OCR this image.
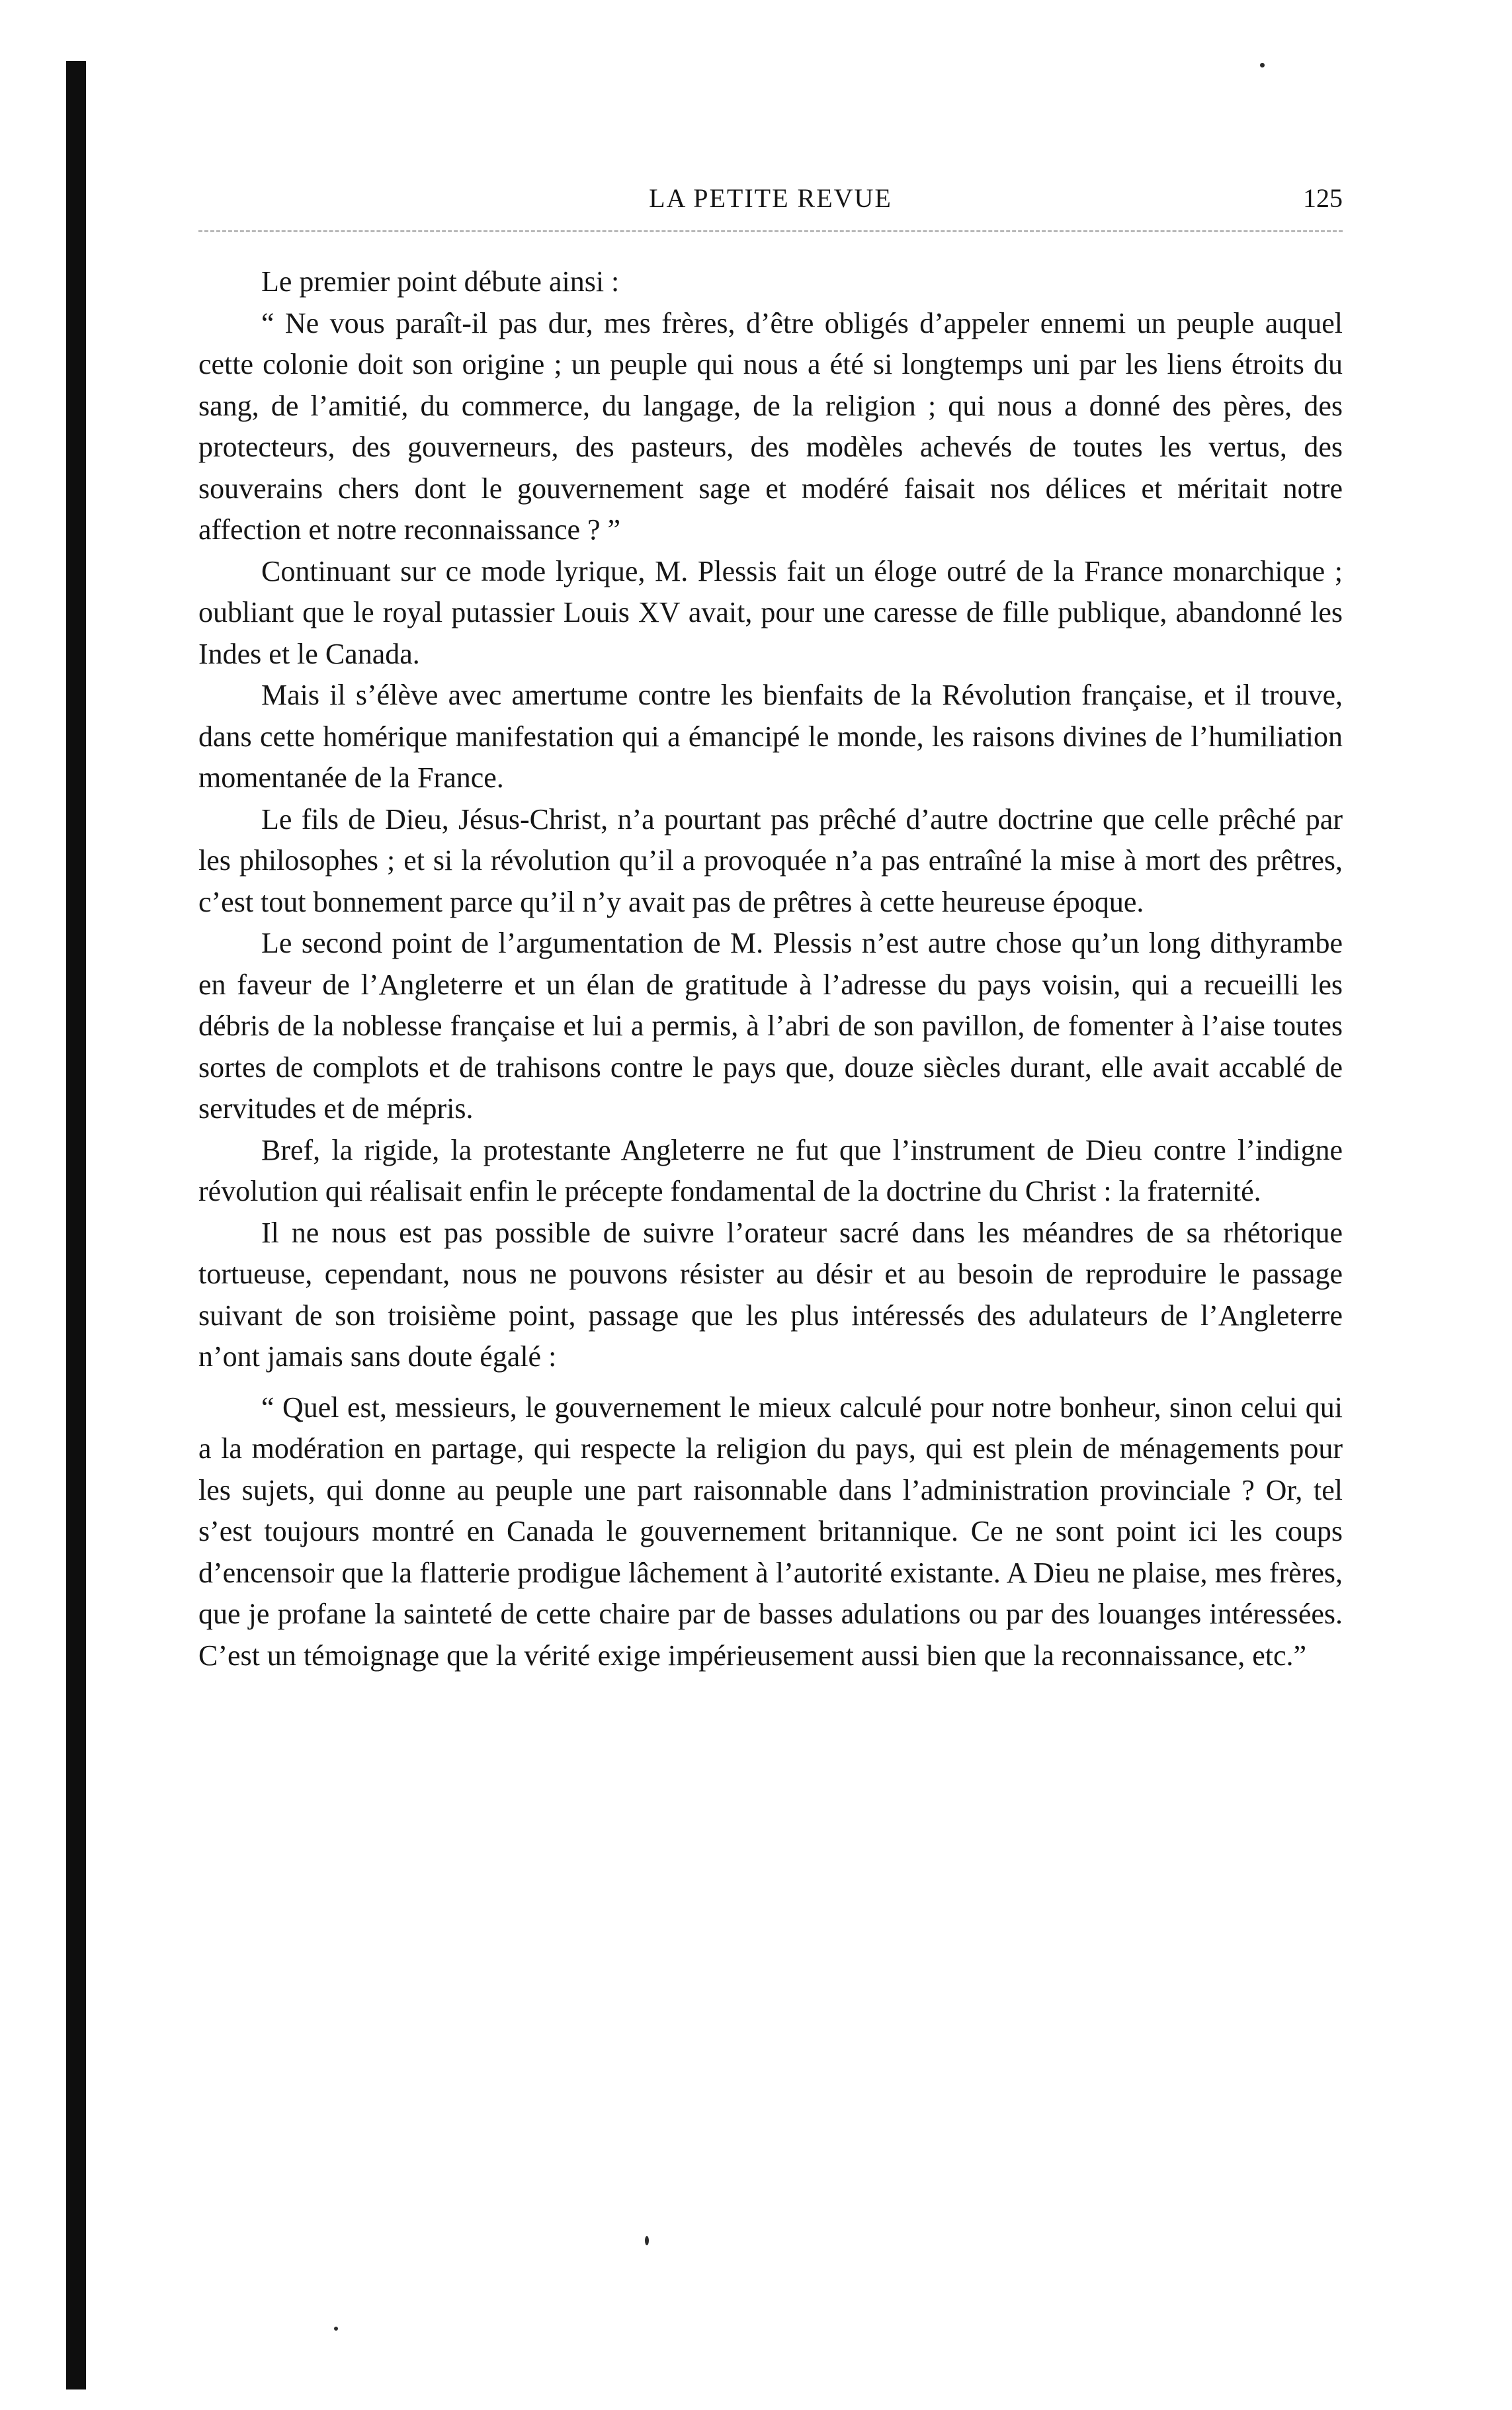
LA PETITE REVUE	125

Le premier point débute ainsi :

“ Ne vous paraît-il pas dur, mes frères, d’être obligés d’appeler ennemi un peuple auquel cette colonie doit son origine ; un peuple qui nous a été si longtemps uni par les liens étroits du sang, de l’amitié, du commerce, du langage, de la religion ; qui nous a donné des pères, des protecteurs, des gouverneurs, des pasteurs, des modèles achevés de toutes les vertus, des souverains chers dont le gouvernement sage et modéré faisait nos délices et méritait notre affection et notre reconnaissance ? ”

Continuant sur ce mode lyrique, M. Plessis fait un éloge outré de la France monarchique ; oubliant que le royal putassier Louis XV avait, pour une caresse de fille publique, abandonné les Indes et le Canada.

Mais il s’élève avec amertume contre les bienfaits de la Révolution française, et il trouve, dans cette homérique manifestation qui a émancipé le monde, les raisons divines de l’humiliation momentanée de la France.

Le fils de Dieu, Jésus-Christ, n’a pourtant pas prêché d’autre doctrine que celle prêché par les philosophes ; et si la révolution qu’il a provoquée n’a pas entraîné la mise à mort des prêtres, c’est tout bonnement parce qu’il n’y avait pas de prêtres à cette heureuse époque.

Le second point de l’argumentation de M. Plessis n’est autre chose qu’un long dithyrambe en faveur de l’Angleterre et un élan de gratitude à l’adresse du pays voisin, qui a recueilli les débris de la noblesse française et lui a permis, à l’abri de son pavillon, de fomenter à l’aise toutes sortes de complots et de trahisons contre le pays que, douze siècles durant, elle avait accablé de servitudes et de mépris.

Bref, la rigide, la protestante Angleterre ne fut que l’instrument de Dieu contre l’indigne révolution qui réalisait enfin le précepte fondamental de la doctrine du Christ : la fraternité.

Il ne nous est pas possible de suivre l’orateur sacré dans les méandres de sa rhétorique tortueuse, cependant, nous ne pouvons résister au désir et au besoin de reproduire le passage suivant de son troisième point, passage que les plus intéressés des adulateurs de l’Angleterre n’ont jamais sans doute égalé :

“ Quel est, messieurs, le gouvernement le mieux calculé pour notre bonheur, sinon celui qui a la modération en partage, qui respecte la religion du pays, qui est plein de ménagements pour les sujets, qui donne au peuple une part raisonnable dans l’administration provinciale ? Or, tel s’est toujours montré en Canada le gouvernement britannique. Ce ne sont point ici les coups d’encensoir que la flatterie prodigue lâchement à l’autorité existante. A Dieu ne plaise, mes frères, que je profane la sainteté de cette chaire par de basses adulations ou par des louanges intéressées. C’est un témoignage que la vérité exige impérieusement aussi bien que la reconnaissance, etc.”
